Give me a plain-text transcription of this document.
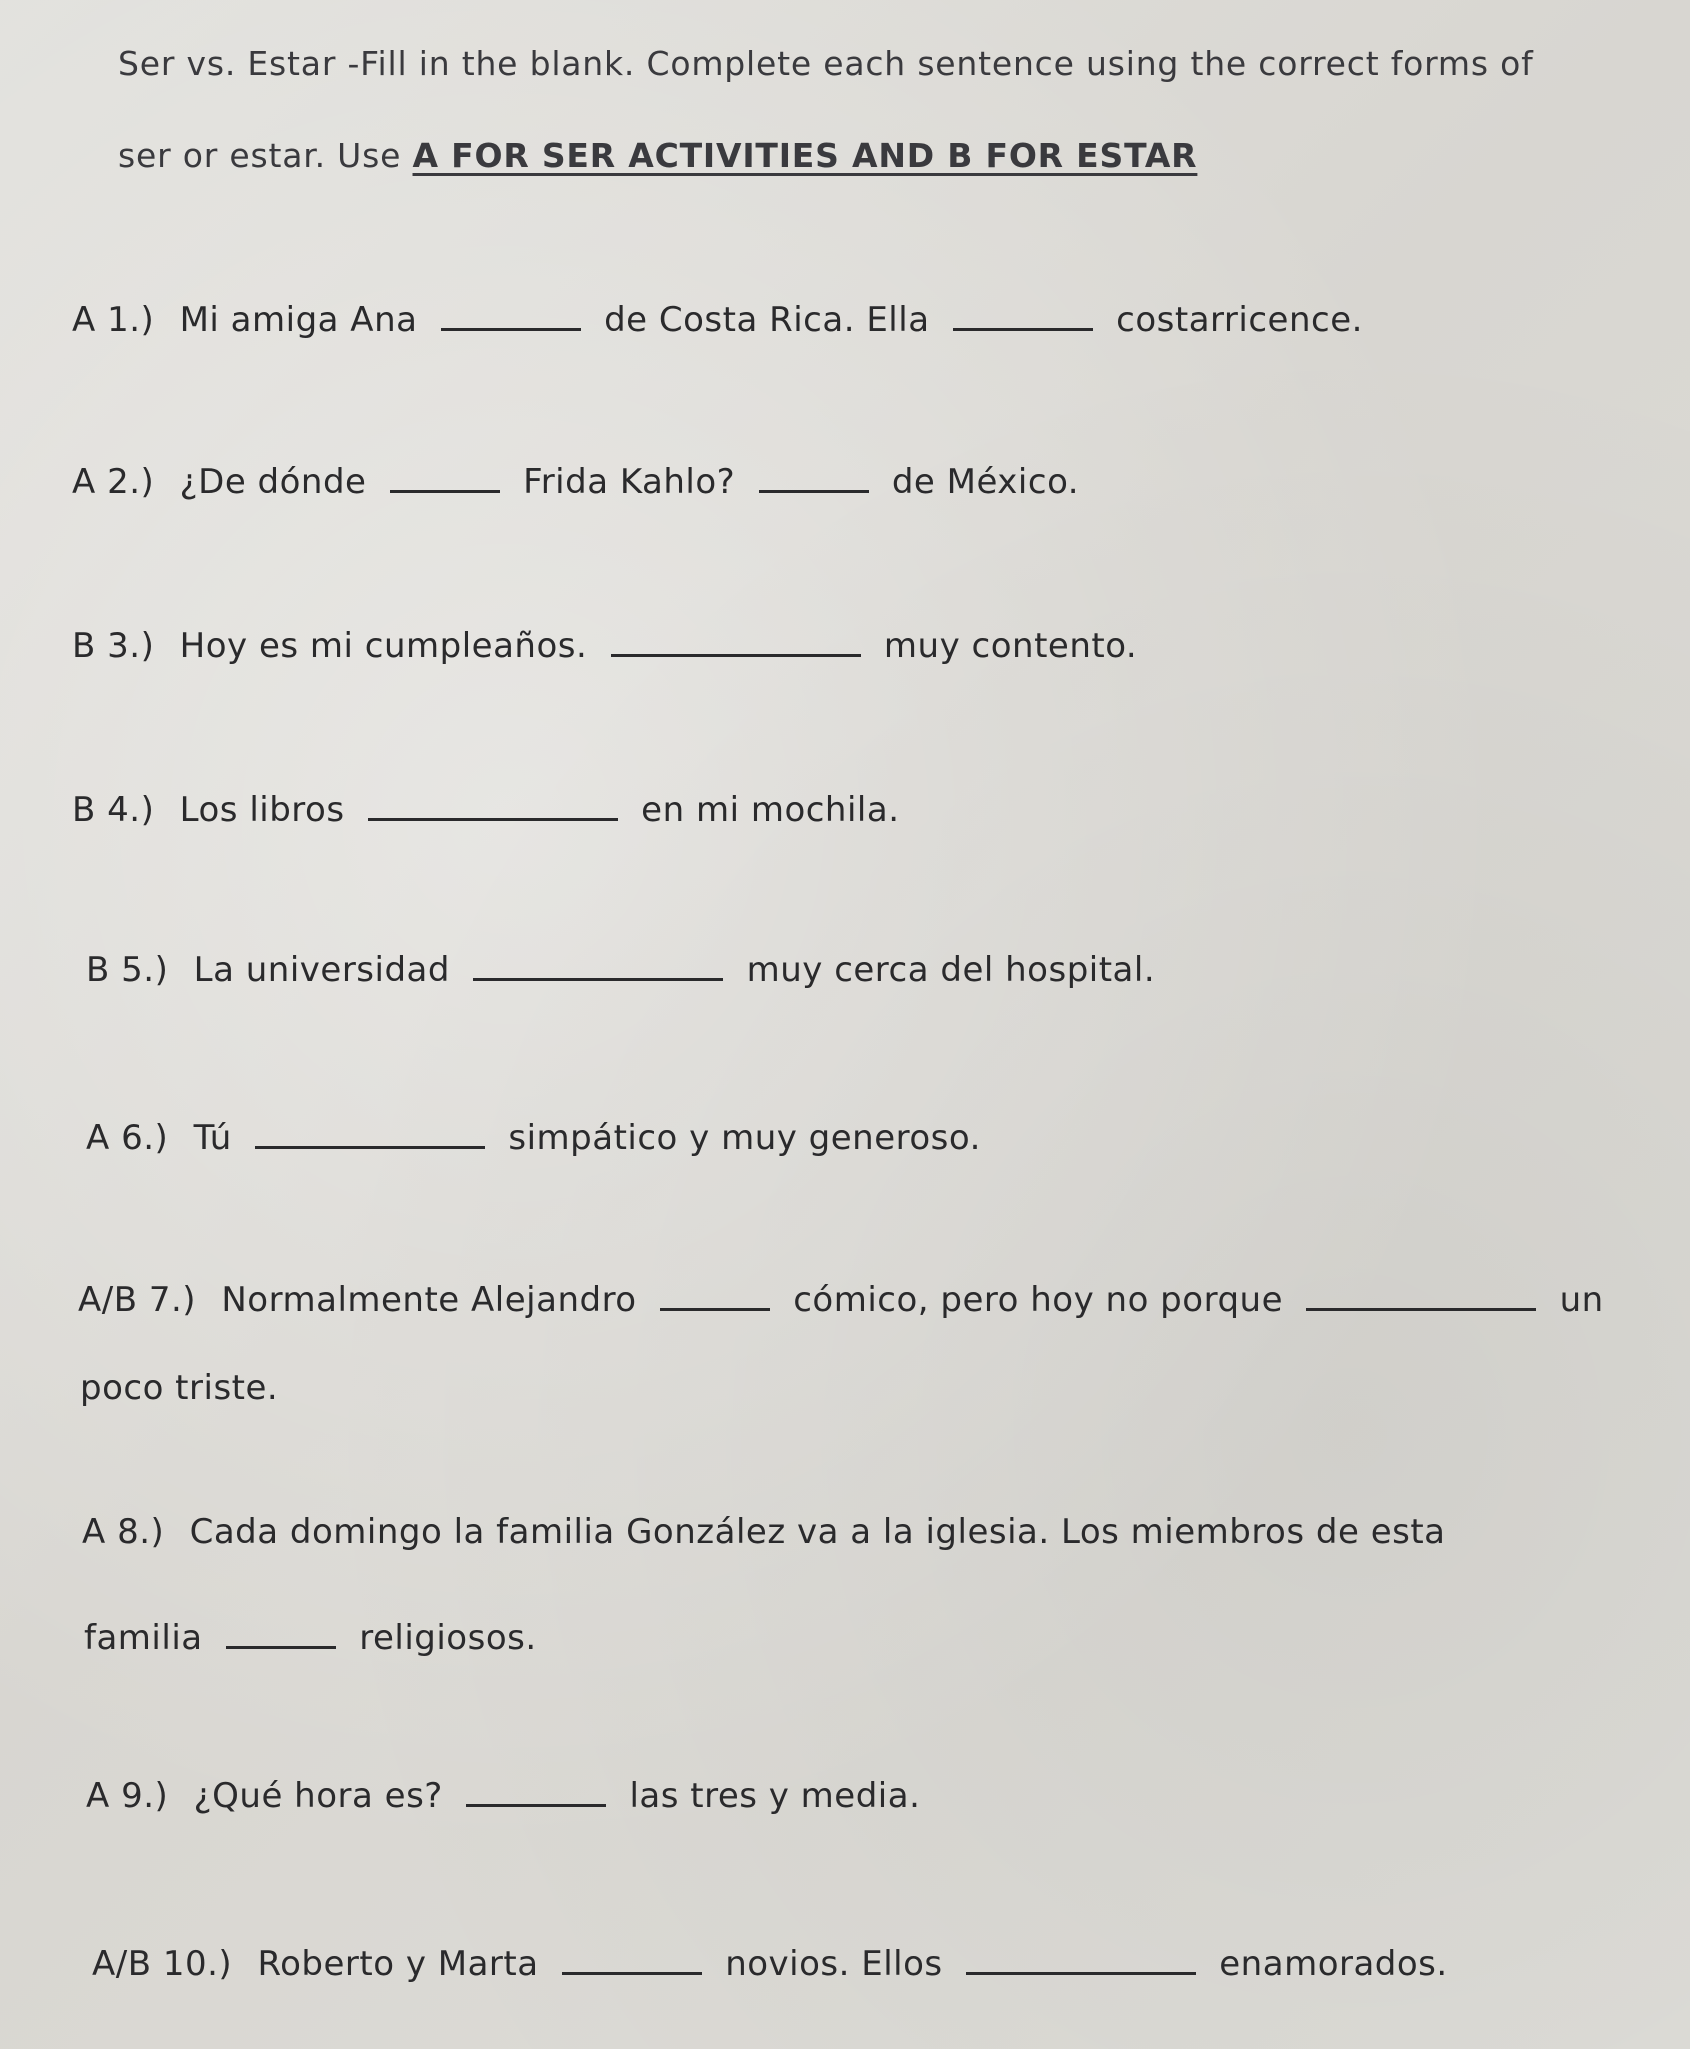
Ser vs. Estar -Fill in the blank. Complete each sentence using the correct forms of
ser or estar. Use A FOR SER ACTIVITIES AND B FOR ESTAR
A 1.) Mi amiga Ana	de Costa Rica. Ella	costarricence.
A 2.) ¿De dónde	Frida Kahlo?	de México.
B 3.) Hoy es mi cumpleaños.	muy contento.
B 4.) Los libros	en mi mochila.
B 5.) La universidad	muy cerca del hospital.
A 6.) Tú	simpático y muy generoso.
A/B 7.) Normalmente Alejandro	cómico, pero hoy no porque	un
poco triste.
A 8.) Cada domingo la familia González va a la iglesia. Los miembros de esta
familia	religiosos.
A 9.) ¿Qué hora es?	las tres y media.
A/B 10.) Roberto y Marta	novios. Ellos	enamorados.
